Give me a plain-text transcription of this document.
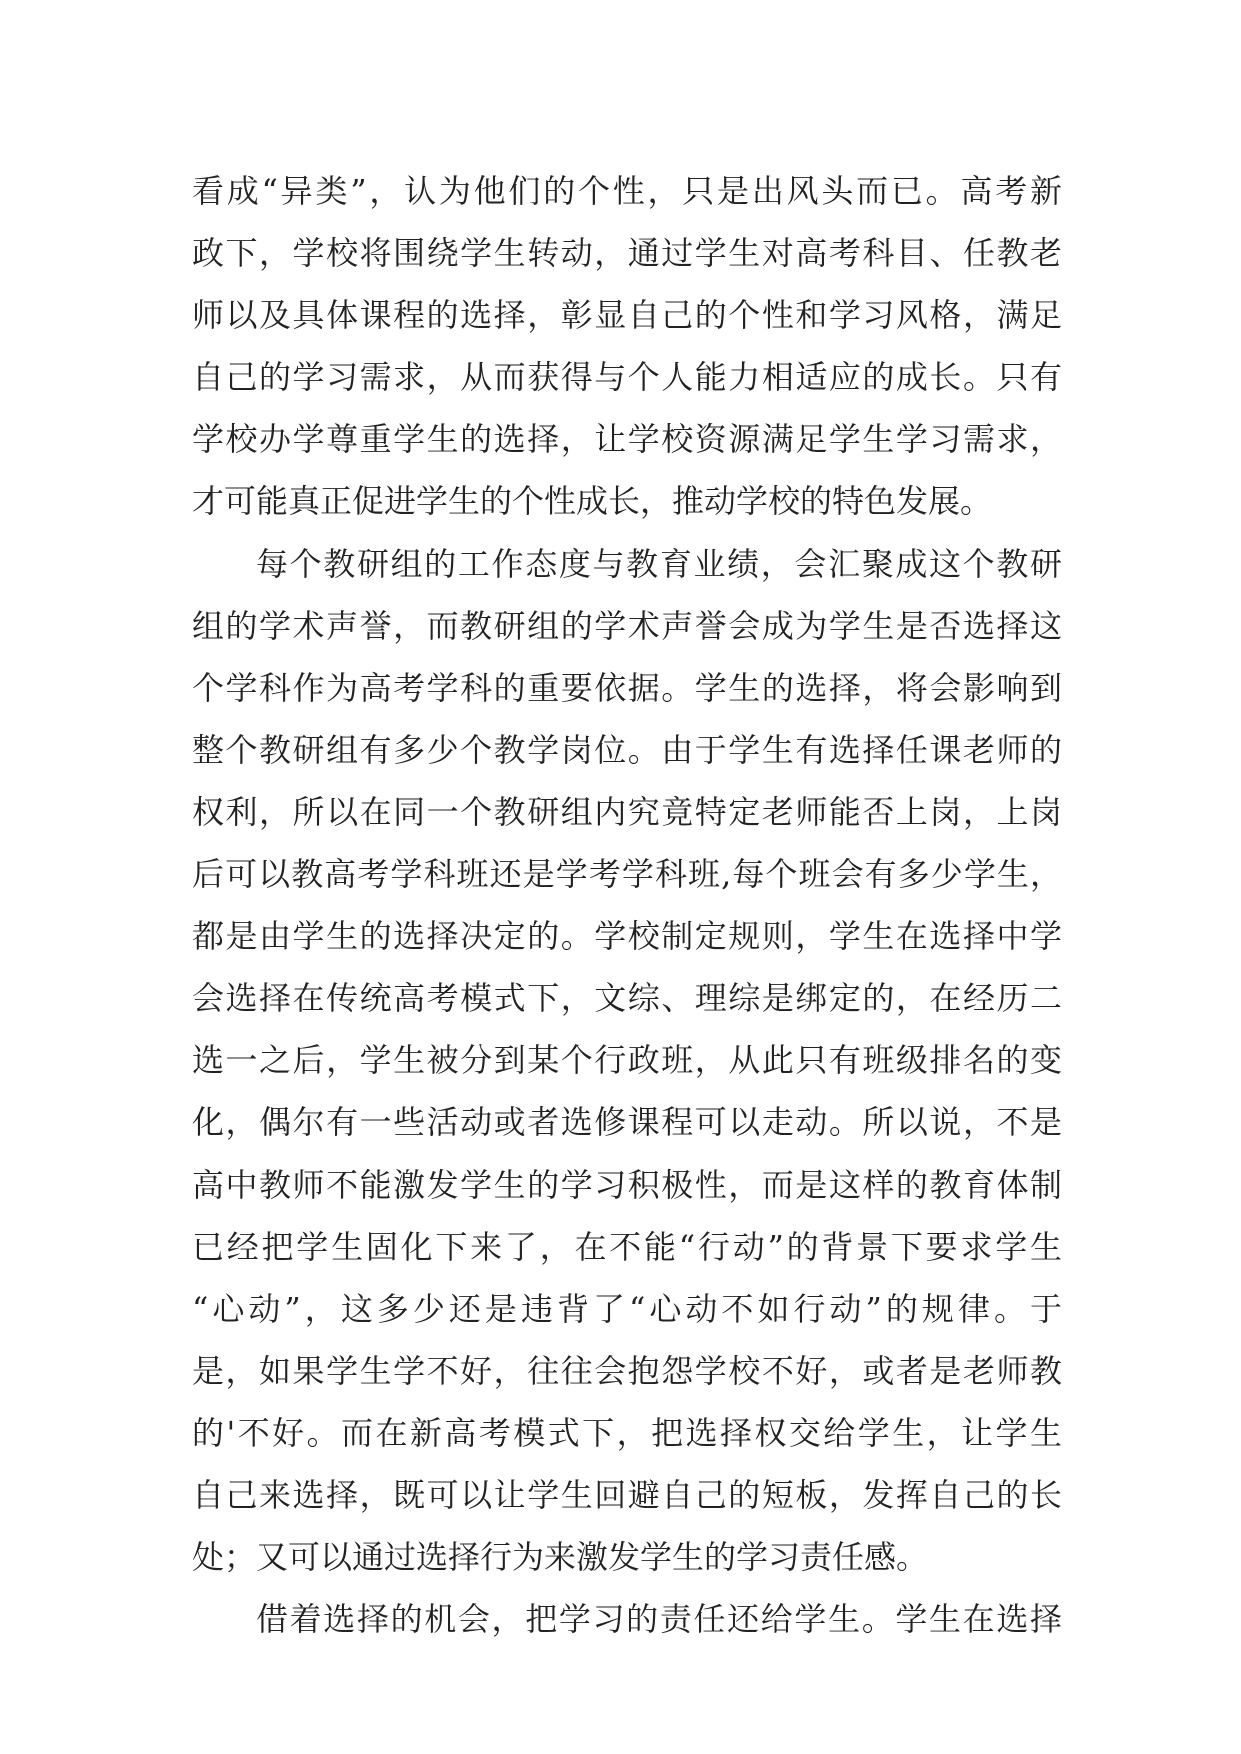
看成“异类”，认为他们的个性，只是出风头而已。高考新
政下，学校将围绕学生转动，通过学生对高考科目、任教老
师以及具体课程的选择，彰显自己的个性和学习风格，满足
自己的学习需求，从而获得与个人能力相适应的成长。只有
学校办学尊重学生的选择，让学校资源满足学生学习需求，
才可能真正促进学生的个性成长，推动学校的特色发展。
每个教研组的工作态度与教育业绩，会汇聚成这个教研
组的学术声誉，而教研组的学术声誉会成为学生是否选择这
个学科作为高考学科的重要依据。学生的选择，将会影响到
整个教研组有多少个教学岗位。由于学生有选择任课老师的
权利，所以在同一个教研组内究竟特定老师能否上岗，上岗
后可以教高考学科班还是学考学科班,每个班会有多少学生，
都是由学生的选择决定的。学校制定规则，学生在选择中学
会选择在传统高考模式下，文综、理综是绑定的，在经历二
选一之后，学生被分到某个行政班，从此只有班级排名的变
化，偶尔有一些活动或者选修课程可以走动。所以说，不是
高中教师不能激发学生的学习积极性，而是这样的教育体制
已经把学生固化下来了，在不能“行动”的背景下要求学生
“心动”，这多少还是违背了“心动不如行动”的规律。于
是，如果学生学不好，往往会抱怨学校不好，或者是老师教
的'不好。而在新高考模式下，把选择权交给学生，让学生
自己来选择，既可以让学生回避自己的短板，发挥自己的长
处；又可以通过选择行为来激发学生的学习责任感。
借着选择的机会，把学习的责任还给学生。学生在选择
